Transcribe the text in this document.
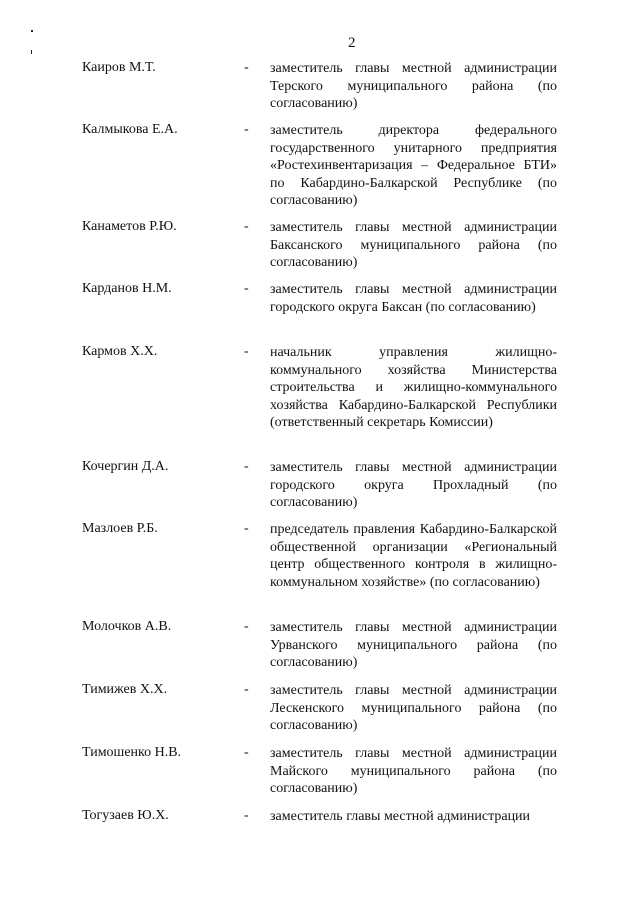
2
Каиров М.Т.	- заместитель главы местной администрации Терского муниципального района (по согласованию)

Калмыкова Е.А.	- заместитель директора федерального государственного унитарного предприятия «Ростехинвентаризация – Федеральное БТИ» по Кабардино-Балкарской Республике (по согласованию)

Канаметов Р.Ю.	- заместитель главы местной администрации Баксанского муниципального района (по согласованию)

Карданов Н.М.	- заместитель главы местной администрации городского округа Баксан (по согласованию)

Кармов Х.Х.	- начальник управления жилищно-коммунального хозяйства Министерства строительства и жилищно-коммунального хозяйства Кабардино-Балкарской Республики (ответственный секретарь Комиссии)

Кочергин Д.А.	- заместитель главы местной администрации городского округа Прохладный (по согласованию)

Мазлоев Р.Б.	- председатель правления Кабардино-Балкарской общественной организации «Региональный центр общественного контроля в жилищно-коммунальном хозяйстве» (по согласованию)

Молочков А.В.	- заместитель главы местной администрации Урванского муниципального района (по согласованию)

Тимижев Х.Х.	- заместитель главы местной администрации Лескенского муниципального района (по согласованию)

Тимошенко Н.В.	- заместитель главы местной администрации Майского муниципального района (по согласованию)

Тогузаев Ю.Х.	- заместитель главы местной администрации
